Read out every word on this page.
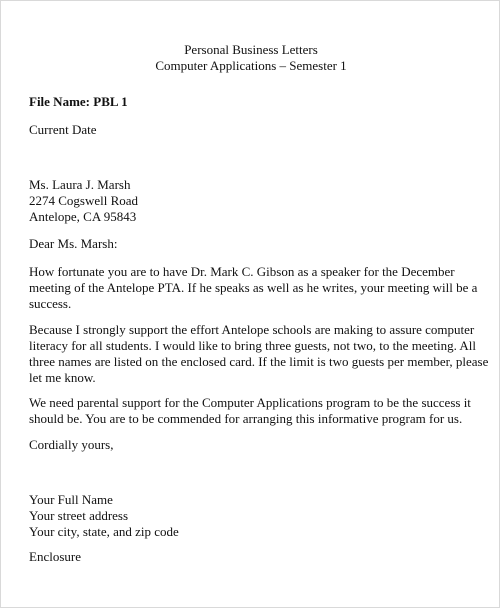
Personal Business Letters

Computer Applications – Semester 1

File Name: PBL 1

Current Date

Ms. Laura J. Marsh

2274 Cogswell Road

Antelope, CA 95843

Dear Ms. Marsh:

How fortunate you are to have Dr. Mark C. Gibson as a speaker for the December

meeting of the Antelope PTA. If he speaks as well as he writes, your meeting will be a

success.

Because I strongly support the effort Antelope schools are making to assure computer

literacy for all students. I would like to bring three guests, not two, to the meeting. All

three names are listed on the enclosed card. If the limit is two guests per member, please

let me know.

We need parental support for the Computer Applications program to be the success it

should be. You are to be commended for arranging this informative program for us.

Cordially yours,

Your Full Name

Your street address

Your city, state, and zip code

Enclosure
